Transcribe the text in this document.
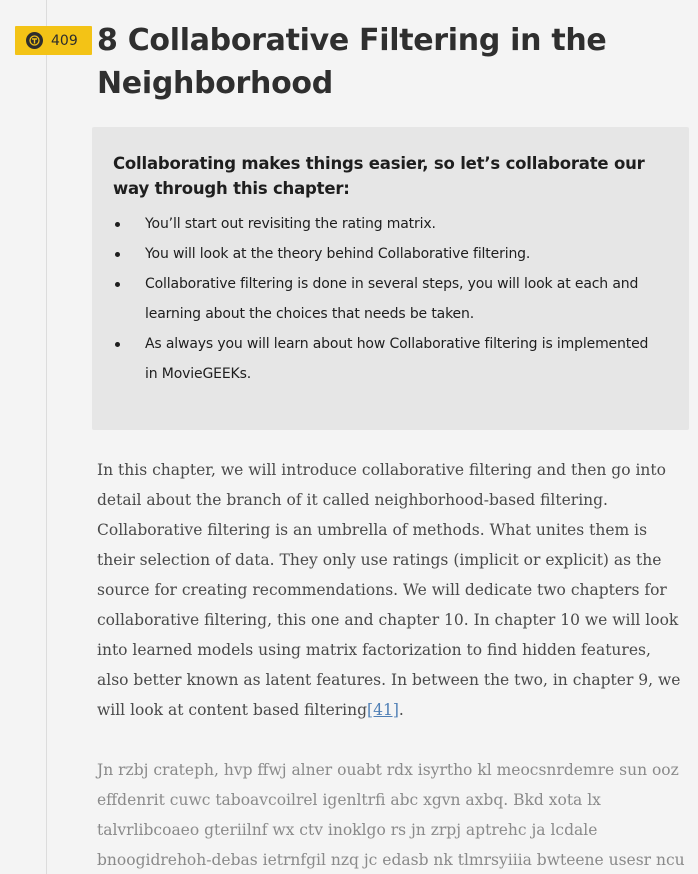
409 8 Collaborative Filtering in the
Neighborhood
Collaborating makes things easier, so let’s collaborate our way through this chapter:
You’ll start out revisiting the rating matrix.
You will look at the theory behind Collaborative filtering.
Collaborative filtering is done in several steps, you will look at each and learning about the choices that needs be taken.
As always you will learn about how Collaborative filtering is implemented in MovieGEEKs.

In this chapter, we will introduce collaborative filtering and then go into detail about the branch of it called neighborhood-based filtering. Collaborative filtering is an umbrella of methods. What unites them is their selection of data. They only use ratings (implicit or explicit) as the source for creating recommendations. We will dedicate two chapters for collaborative filtering, this one and chapter 10. In chapter 10 we will look into learned models using matrix factorization to find hidden features, also better known as latent features. In between the two, in chapter 9, we will look at content based filtering[41].

Jn rzbj crateph, hvp ffwj alner ouabt rdx isyrtho kl meocsnrdemre sun ooz effdenrit cuwc taboavcoilrel igenltrfi abc xgvn axbq. Bkd xota lx talvrlibcoaeo gteriilnf wx ctv inoklgo rs jn zrpj aptrehc ja lcdale bnoogidrehoh-debas ietrnfgil nzq jc edasb nk tlmrsyiiia bwteene usesr ncu
